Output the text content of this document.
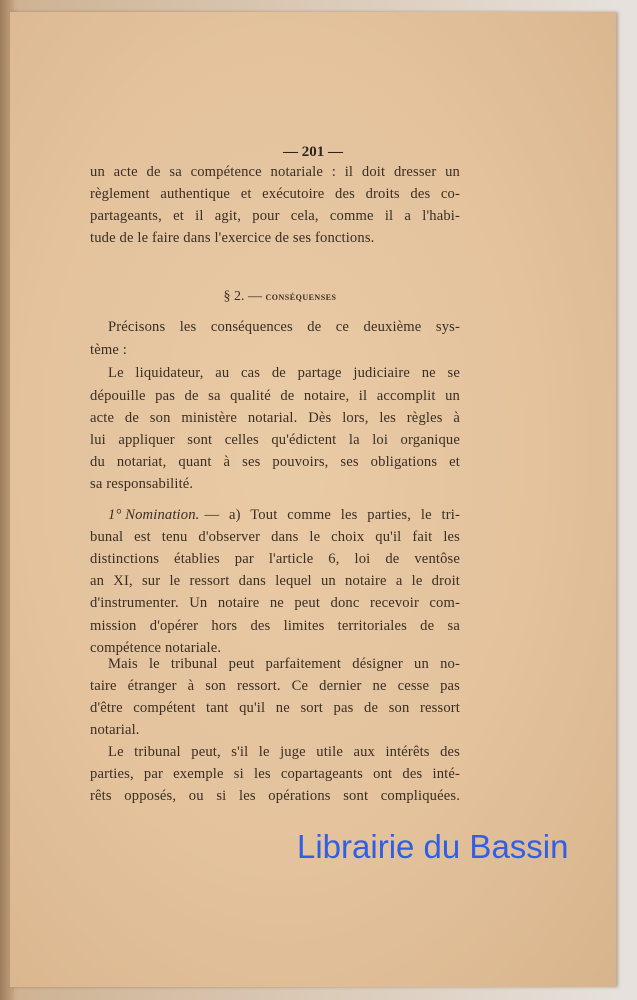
— 201 —
§ 2. — conséquenses
un acte de sa compétence notariale : il doit dresser un
règlement authentique et exécutoire des droits des co-
partageants, et il agit, pour cela, comme il a l'habi-
tude de le faire dans l'exercice de ses fonctions.
Précisons les conséquences de ce deuxième sys-
tème :
Le liquidateur, au cas de partage judiciaire ne se
dépouille pas de sa qualité de notaire, il accomplit un
acte de son ministère notarial. Dès lors, les règles à
lui appliquer sont celles qu'édictent la loi organique
du notariat, quant à ses pouvoirs, ses obligations et
sa responsabilité.
1° Nomination. — a) Tout comme les parties, le tri-
bunal est tenu d'observer dans le choix qu'il fait les
distinctions établies par l'article 6, loi de ventôse
an XI, sur le ressort dans lequel un notaire a le droit
d'instrumenter. Un notaire ne peut donc recevoir com-
mission d'opérer hors des limites territoriales de sa
compétence notariale.
Mais le tribunal peut parfaitement désigner un no-
taire étranger à son ressort. Ce dernier ne cesse pas
d'être compétent tant qu'il ne sort pas de son ressort
notarial.
Le tribunal peut, s'il le juge utile aux intérêts des
parties, par exemple si les copartageants ont des inté-
rêts opposés, ou si les opérations sont compliquées.
Librairie du Bassin
